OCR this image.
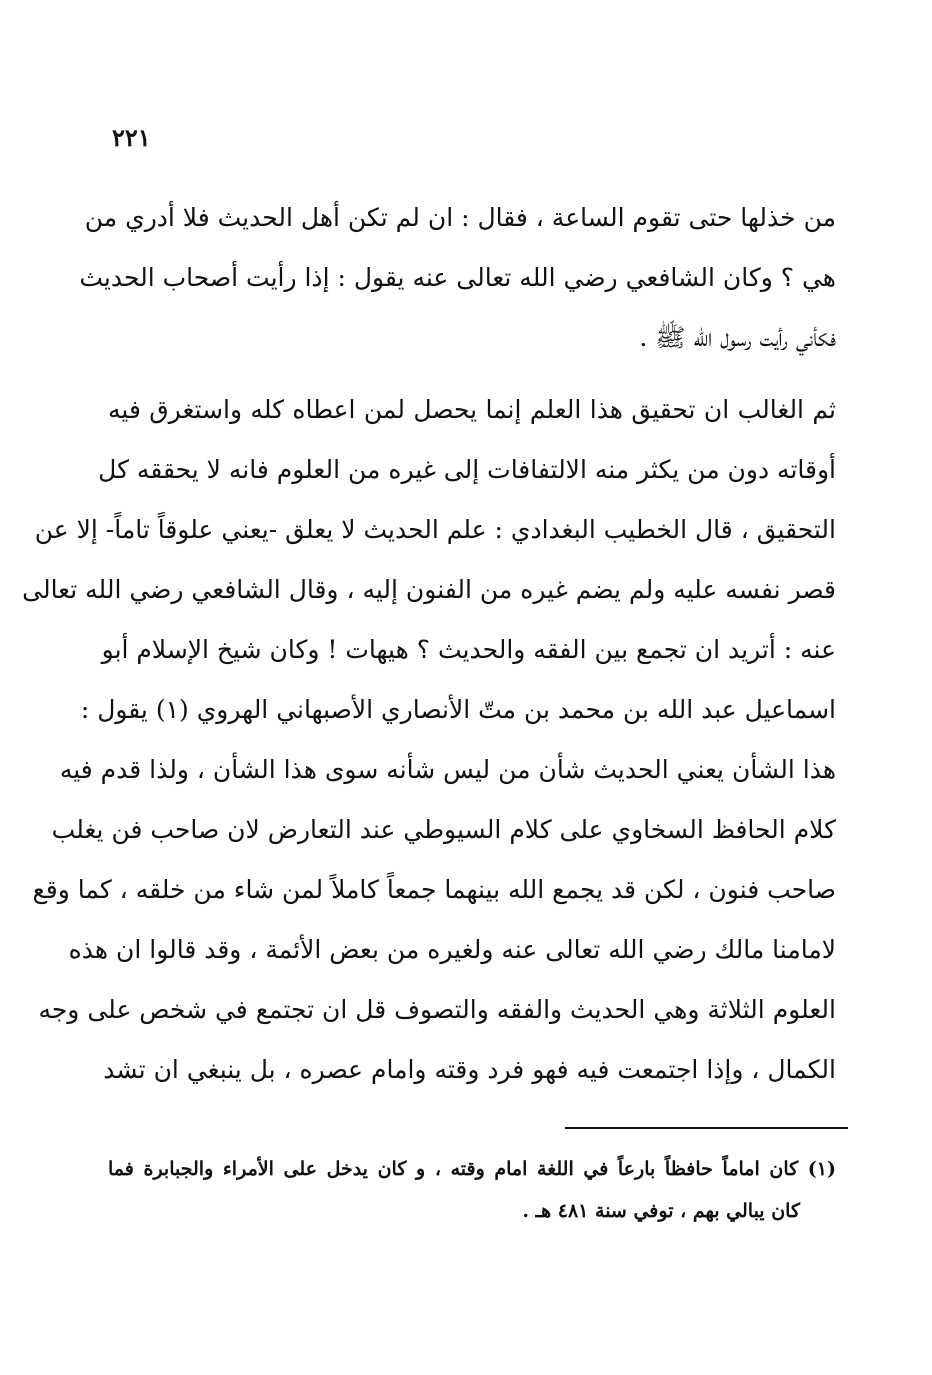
٢٢١
من خذلها حتى تقوم الساعة ، فقال : ان لم تكن أهل الحديث فلا أدري من
هي ؟ وكان الشافعي رضي الله تعالى عنه يقول : إذا رأيت أصحاب الحديث
فكأني رأيت رسول الله ﷺ .
ثم الغالب ان تحقيق هذا العلم إنما يحصل لمن اعطاه كله واستغرق فيه
أوقاته دون من يكثر منه الالتفافات إلى غيره من العلوم فانه لا يحققه كل
التحقيق ، قال الخطيب البغدادي : علم الحديث لا يعلق -يعني علوقاً تاماً- إلا عن
قصر نفسه عليه ولم يضم غيره من الفنون إليه ، وقال الشافعي رضي الله تعالى
عنه : أتريد ان تجمع بين الفقه والحديث ؟ هيهات ! وكان شيخ الإسلام أبو
اسماعيل عبد الله بن محمد بن متّ الأنصاري الأصبهاني الهروي (١) يقول :
هذا الشأن يعني الحديث شأن من ليس شأنه سوى هذا الشأن ، ولذا قدم فيه
كلام الحافظ السخاوي على كلام السيوطي عند التعارض لان صاحب فن يغلب
صاحب فنون ، لكن قد يجمع الله بينهما جمعاً كاملاً لمن شاء من خلقه ، كما وقع
لامامنا مالك رضي الله تعالى عنه ولغيره من بعض الأئمة ، وقد قالوا ان هذه
العلوم الثلاثة وهي الحديث والفقه والتصوف قل ان تجتمع في شخص على وجه
الكمال ، وإذا اجتمعت فيه فهو فرد وقته وامام عصره ، بل ينبغي ان تشد
(١) كان اماماً حافظاً بارعاً في اللغة امام وقته ، و كان يدخل على الأمراء والجبابرة فما
كان يبالي بهم ، توفي سنة ٤٨١ هـ .
